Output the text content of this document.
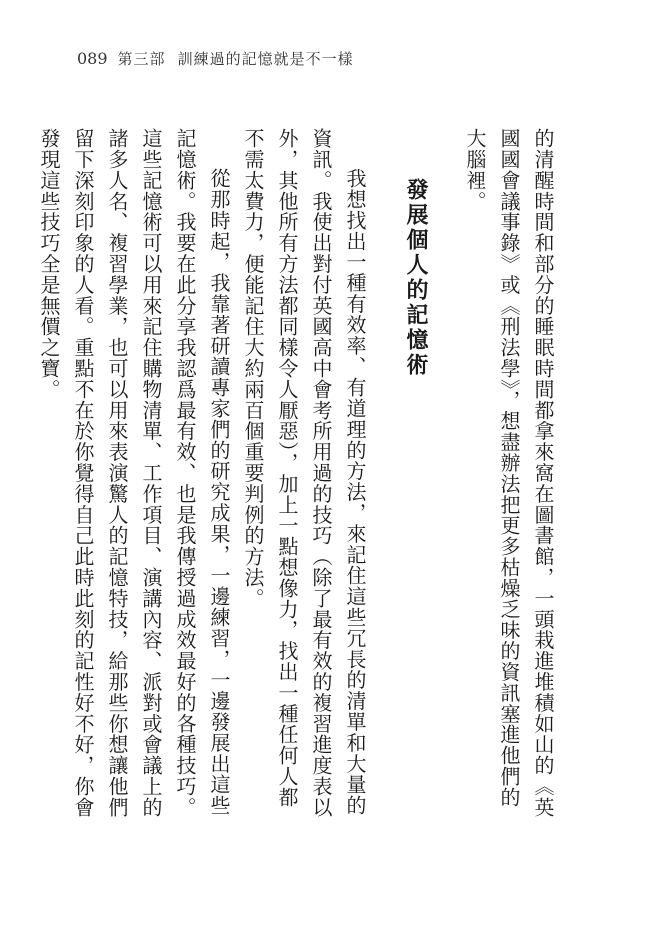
089 第三部 訓練過的記憶就是不一樣

的清醒時間和部分的睡眠時間都拿來窩在圖書館，一頭栽進堆積如山的《英國國會議事錄》或《刑法學》，想盡辦法把更多枯燥乏味的資訊塞進他們的大腦裡。

發展個人的記憶術

我想找出一種有效率、有道理的方法，來記住這些冗長的清單和大量的資訊。我使出對付英國高中會考所用過的技巧（除了最有效的複習進度表以外，其他所有方法都同樣令人厭惡），加上一點想像力，找出一種任何人都不需太費力，便能記住大約兩百個重要判例的方法。

從那時起，我靠著研讀專家們的研究成果，一邊練習，一邊發展出這些記憶術。我要在此分享我認爲最有效、也是我傳授過成效最好的各種技巧。這些記憶術可以用來記住購物清單、工作項目、演講內容、派對或會議上的諸多人名、複習學業，也可以用來表演驚人的記憶特技，給那些你想讓他們留下深刻印象的人看。重點不在於你覺得自己此時此刻的記性好不好，你會發現這些技巧全是無價之寶。
